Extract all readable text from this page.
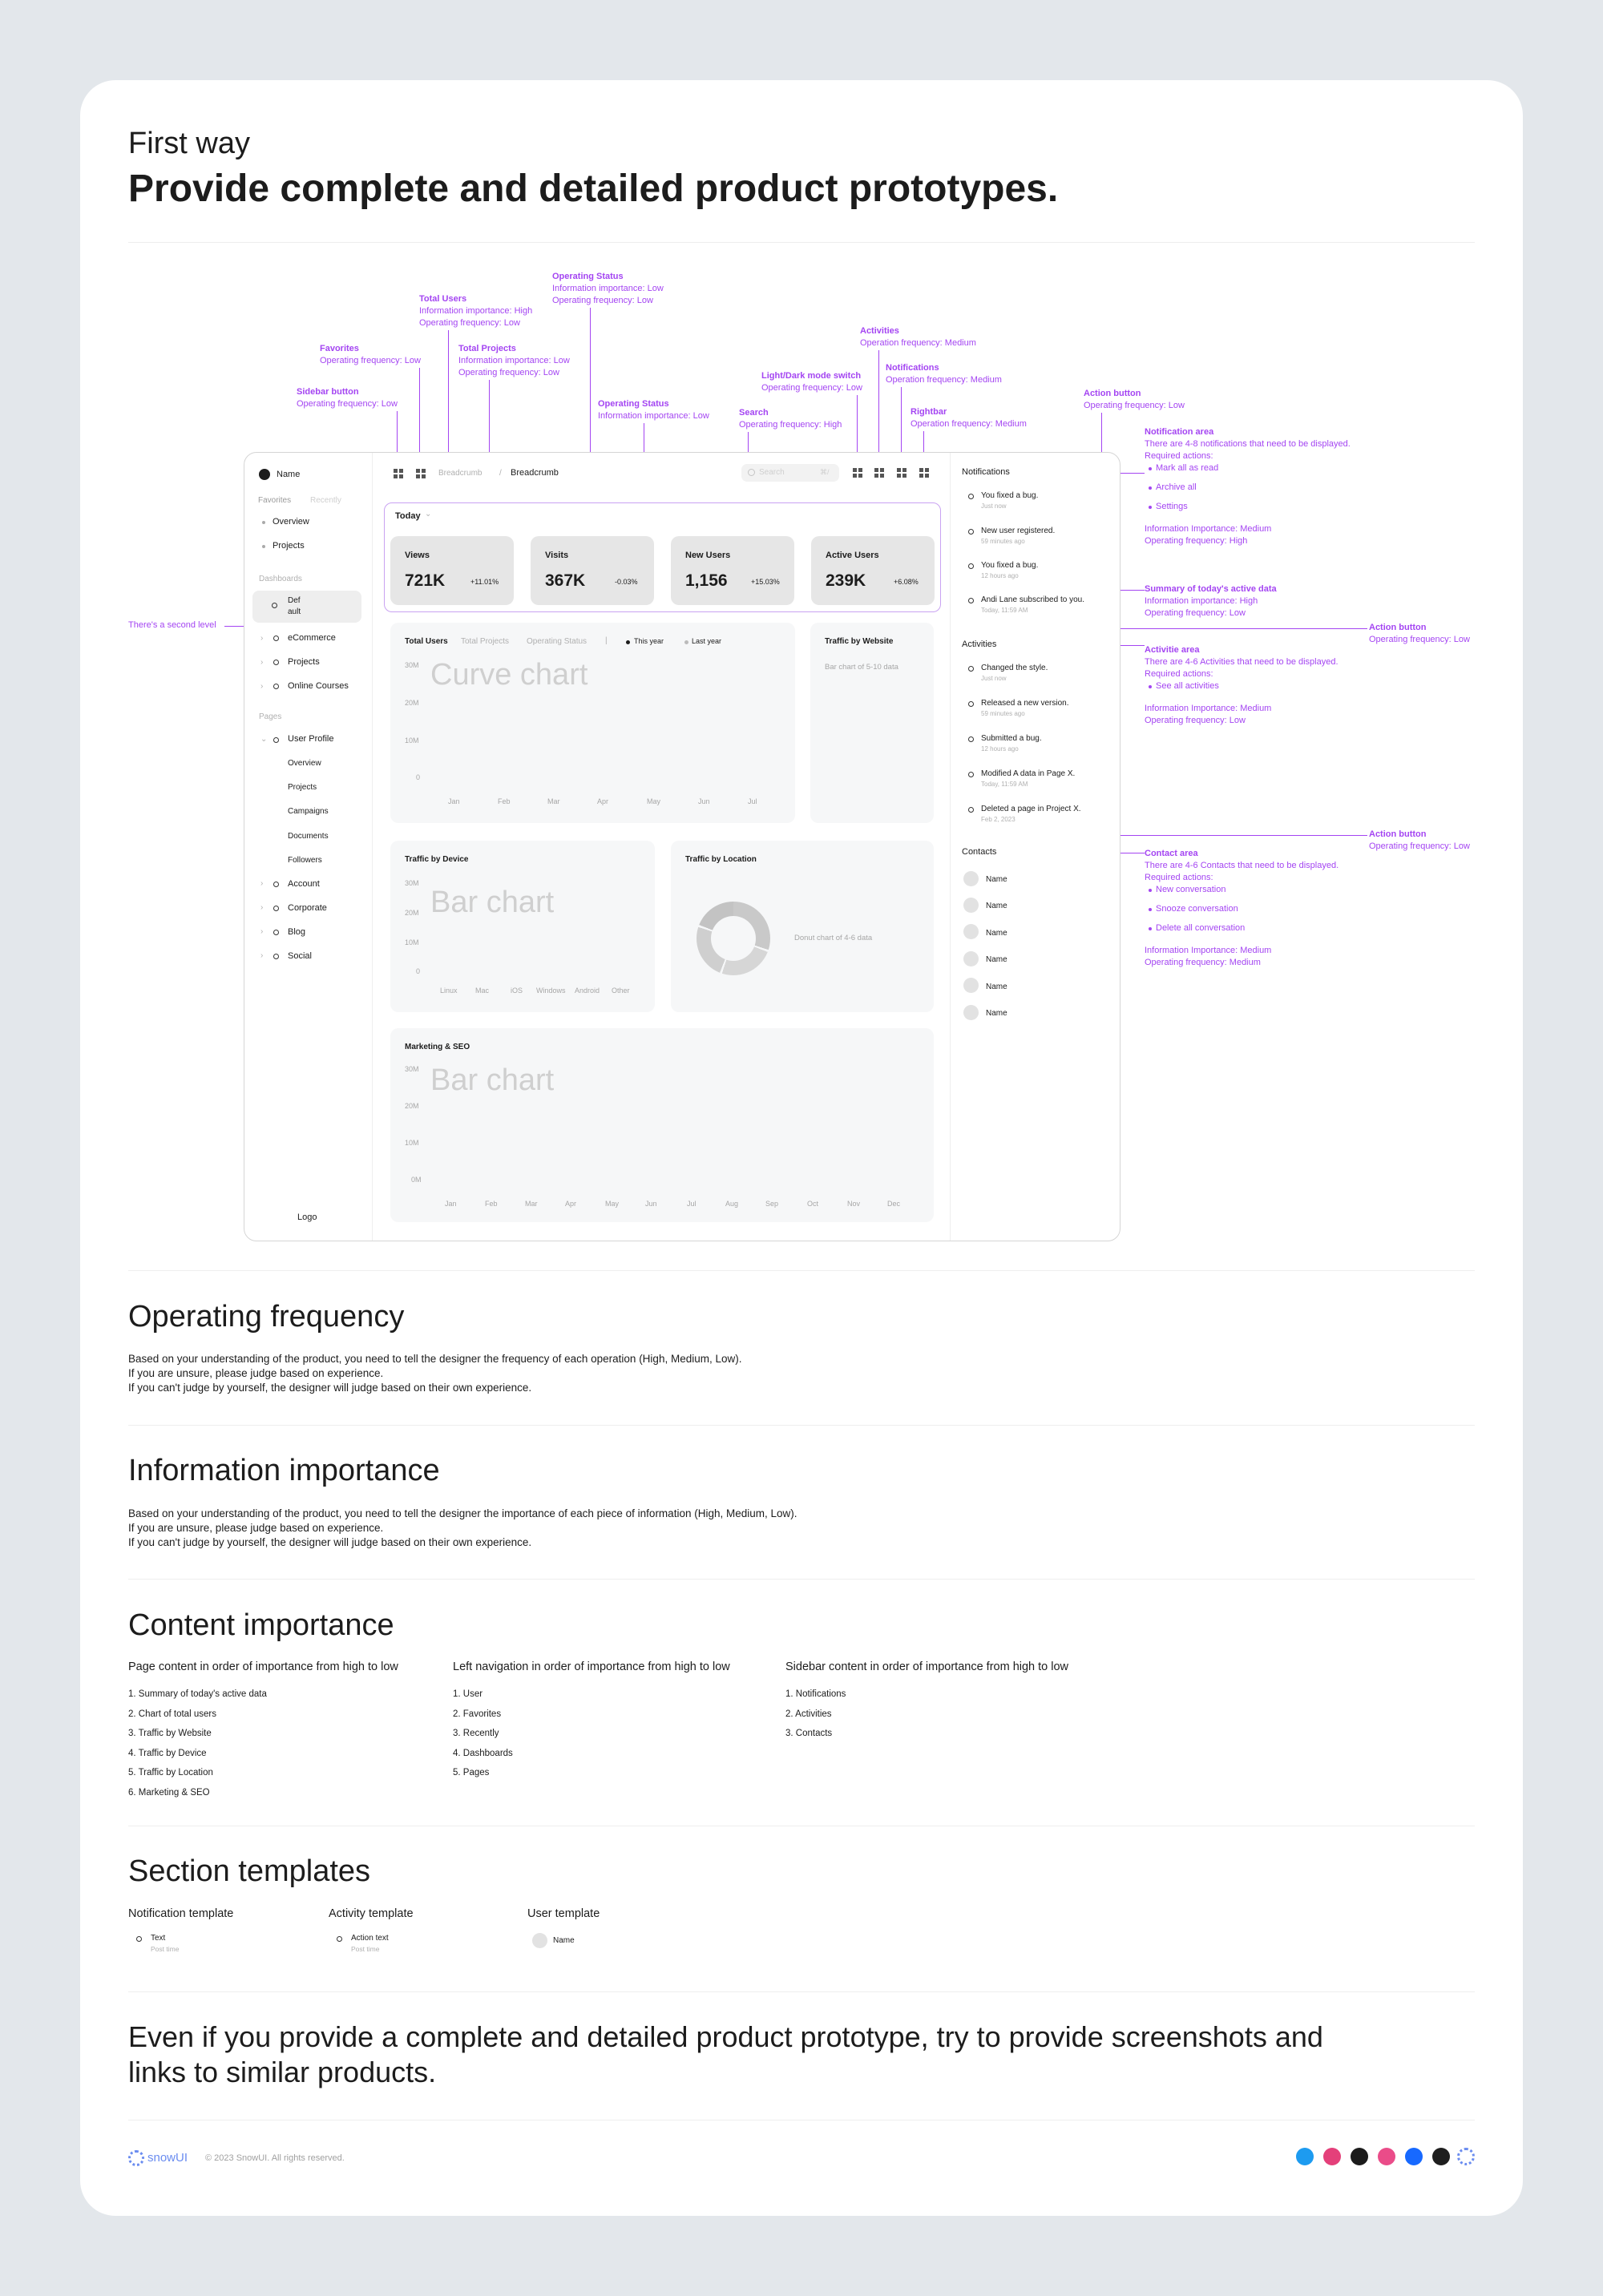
First way
Provide complete and detailed product prototypes.
Sidebar button
Operating frequency: Low
Favorites
Operating frequency: Low
Total Users
Information importance: High
Operating frequency: Low
Total Projects
Information importance: Low
Operating frequency: Low
Operating Status
Information importance: Low
Operating frequency: Low
Operating Status
Information importance: Low	Search
Operating frequency: High
Light/Dark mode switch
Operating frequency: Low
Activities
Operation frequency: Medium
Notifications
Operation frequency: Medium
Rightbar
Operation frequency: Medium
Action button
Operating frequency: Low
There's a second level
Notification area
There are 4-8 notifications that need to be displayed.
Required actions:
Mark all as read
Archive all
Settings
Information Importance: Medium
Operating frequency: High
Summary of today's active data
Information importance: High
Operating frequency: Low
Action button
Operating frequency: Low
Activitie area
There are 4-6 Activities that need to be displayed.
Required actions:
See all activities
Information Importance: Medium
Operating frequency: Low
Action button
Operating frequency: Low
Contact area
There are 4-6 Contacts that need to be displayed.
Required actions:
New conversation
Snooze conversation
Delete all conversation
Information Importance: Medium
Operating frequency: Medium
Name
Favorites Recently
Overview
Projects
Dashboards
Def
ault
›	eCommerce
›	Projects
›	Online Courses
Pages
⌄ User Profile
Overview
Projects
Campaigns
Documents
Followers
›	Account
›	Corporate
›	Blog
›	Social
Logo
Breadcrumb / Breadcrumb	Search	⌘/
Today ⌄
Views
721K	+11.01%
Visits
367K	-0.03%
New Users
1,156	+15.03%
Active Users
239K	+6.08%
Total Users Total Projects Operating Status |	This year	Last year
Curve chart
30M
20M
10M
0
Jan	Feb	Mar	Apr	May	Jun	Jul
Traffic by Website
Bar chart of 5-10 data
Traffic by Device
Bar chart
30M
20M
10M
0
Linux Mac	iOS Windows Android Other
Traffic by Location
Donut chart of 4-6 data
Marketing & SEO
Bar chart
30M
20M
10M
0M
Jan	Feb	Mar	Apr	May	Jun	Jul	Aug	Sep	Oct	Nov	Dec
Notifications
You fixed a bug.
Just now
New user registered.
59 minutes ago
You fixed a bug.
12 hours ago
Andi Lane subscribed to you.
Today, 11:59 AM
Activities
Changed the style.
Just now
Released a new version.
59 minutes ago
Submitted a bug.
12 hours ago
Modified A data in Page X.
Today, 11:59 AM
Deleted a page in Project X.
Feb 2, 2023
Contacts
Name
Name
Name
Name
Name
Name
Operating frequency
Based on your understanding of the product, you need to tell the designer the frequency of each operation (High, Medium, Low).
If you are unsure, please judge based on experience.
If you can't judge by yourself, the designer will judge based on their own experience.
Information importance
Based on your understanding of the product, you need to tell the designer the importance of each piece of information (High, Medium, Low).
If you are unsure, please judge based on experience.
If you can't judge by yourself, the designer will judge based on their own experience.
Content importance
Page content in order of importance from high to low
1. Summary of today's active data
2. Chart of total users
3. Traffic by Website
4. Traffic by Device
5. Traffic by Location
6. Marketing & SEO
Left navigation in order of importance from high to low
1. User
2. Favorites
3. Recently
4. Dashboards
5. Pages
Sidebar content in order of importance from high to low
1. Notifications
2. Activities
3. Contacts
Section templates
Notification template
Text
Post time
Activity template
Action text
Post time
User template
Name
Even if you provide a complete and detailed product prototype, try to provide screenshots and
links to similar products.
snowUI © 2023 SnowUI. All rights reserved.
